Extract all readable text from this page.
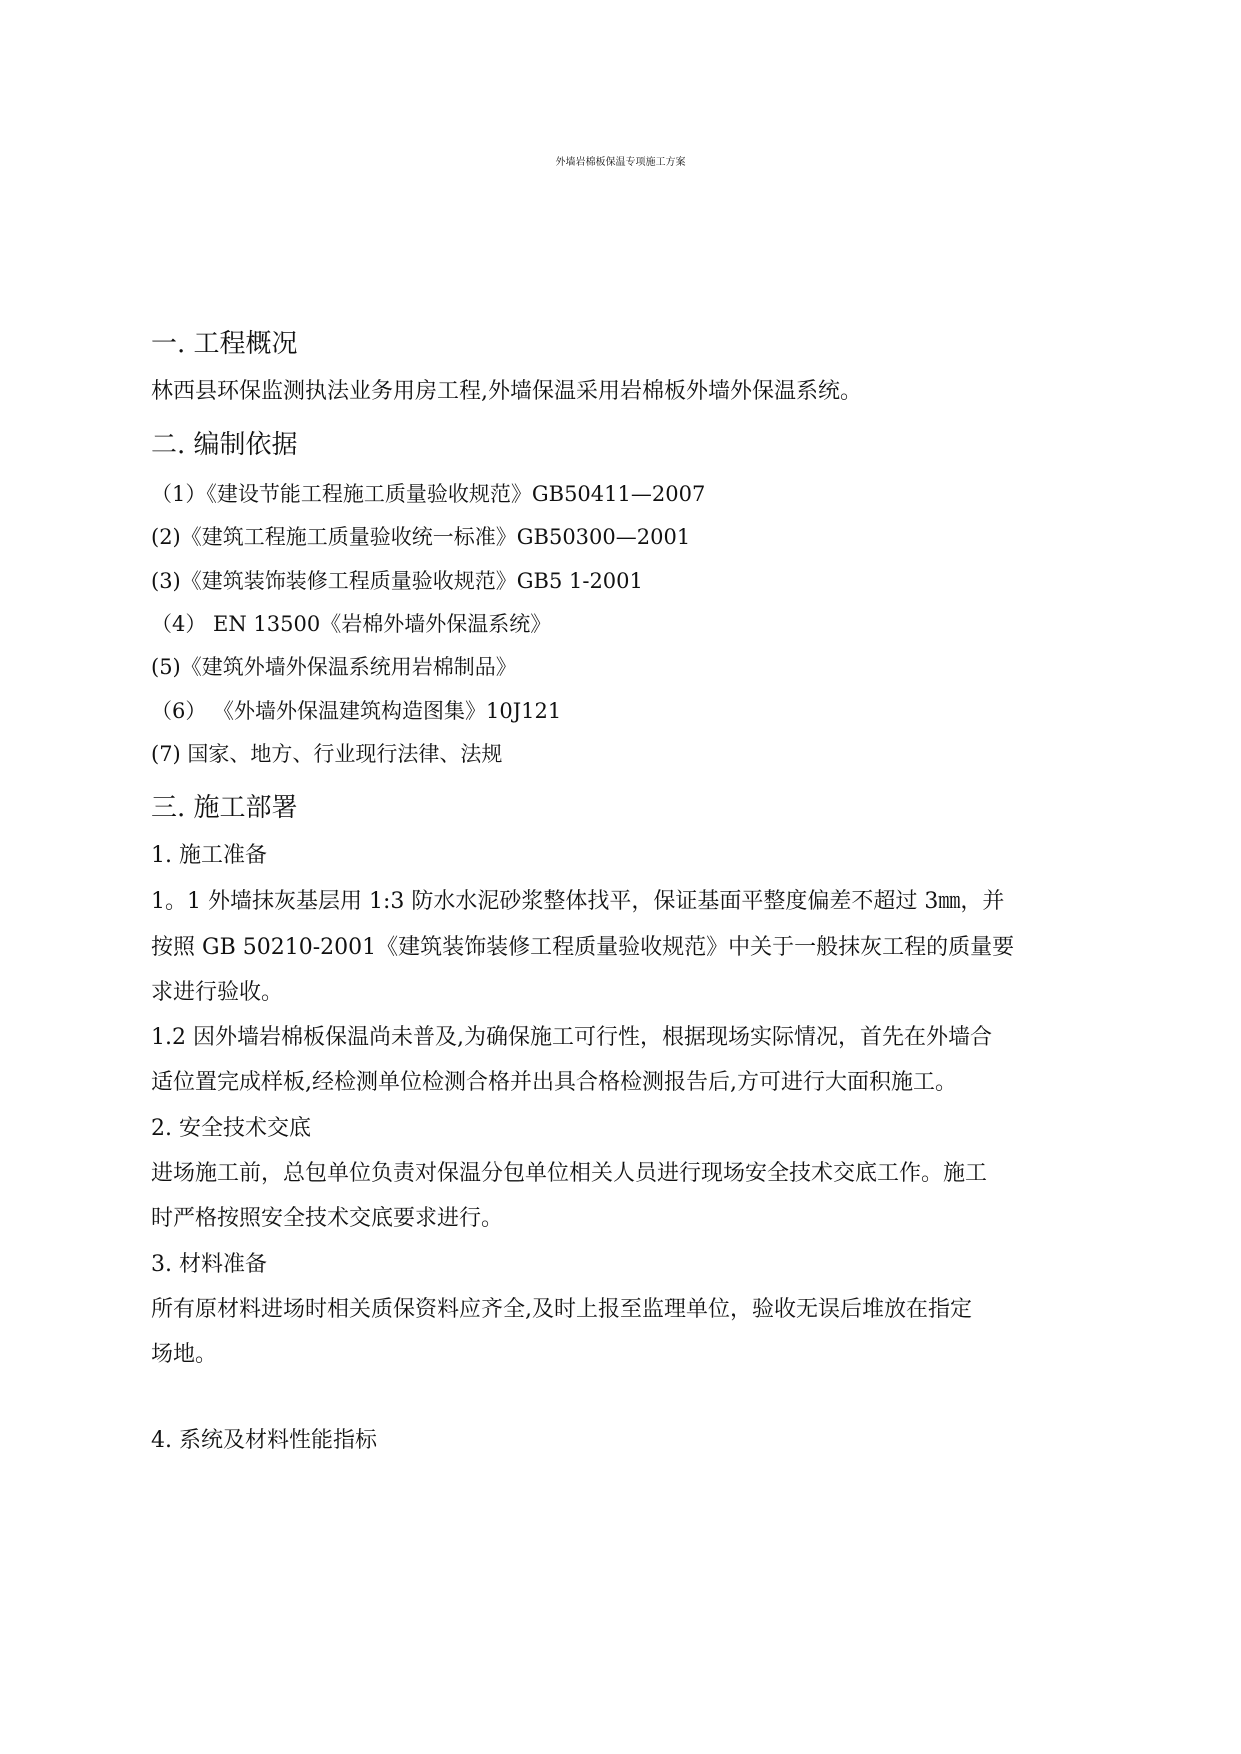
外墙岩棉板保温专项施工方案
一. 工程概况
林西县环保监测执法业务用房工程,外墙保温采用岩棉板外墙外保温系统。
二. 编制依据
（1）《建设节能工程施工质量验收规范》GB50411—2007
(2)《建筑工程施工质量验收统一标准》GB50300—2001
(3)《建筑装饰装修工程质量验收规范》GB5 1-2001
（4） EN 13500《岩棉外墙外保温系统》
(5)《建筑外墙外保温系统用岩棉制品》
（6） 《外墙外保温建筑构造图集》10J121
(7) 国家、地方、行业现行法律、法规
三. 施工部署
1. 施工准备
1。1 外墙抹灰基层用 1:3 防水水泥砂浆整体找平，保证基面平整度偏差不超过 3㎜，并
按照 GB 50210-2001《建筑装饰装修工程质量验收规范》中关于一般抹灰工程的质量要
求进行验收。
1.2 因外墙岩棉板保温尚未普及,为确保施工可行性，根据现场实际情况，首先在外墙合
适位置完成样板,经检测单位检测合格并出具合格检测报告后,方可进行大面积施工。
2. 安全技术交底
进场施工前，总包单位负责对保温分包单位相关人员进行现场安全技术交底工作。施工
时严格按照安全技术交底要求进行。
3. 材料准备
所有原材料进场时相关质保资料应齐全,及时上报至监理单位，验收无误后堆放在指定
场地。
4. 系统及材料性能指标
